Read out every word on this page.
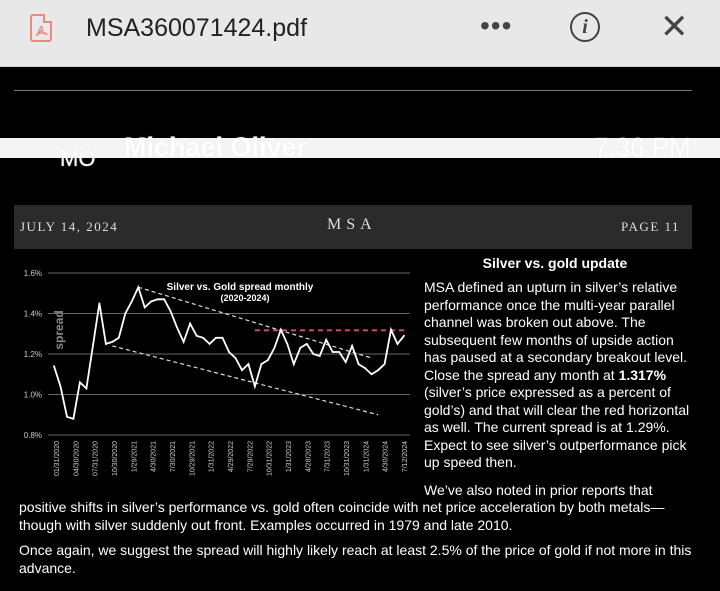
MSA360071424.pdf	•••	i	✕
MO Michael Oliver	7:36 PM
JULY 14, 2024	MSA	PAGE 11
1.6%
1.4%
1.2%
1.0%
0.8%
01/31/2020 04/30/2020 07/31/2020 10/30/2020 1/29/2021 4/30/2021 7/30/2021 10/29/2021 1/31/2022 4/29/2022 7/29/2022 10/31/2022 1/31/2023 4/28/2023 7/31/2023 10/31/2023 1/31/2024 4/30/2024 7/12/2024
Silver vs. Gold spread monthly
(2020-2024)
spread
Silver vs. gold update
MSA defined an upturn in silver’s relative performance once the multi-year parallel channel was broken out above. The subsequent few months of upside action has paused at a secondary breakout level. Close the spread any month at 1.317% (silver’s price expressed as a percent of gold’s) and that will clear the red horizontal as well. The current spread is at 1.29%. Expect to see silver’s outperformance pick up speed then.
We’ve also noted in prior reports that
positive shifts in silver’s performance vs. gold often coincide with net price acceleration by both metals—though with silver suddenly out front. Examples occurred in 1979 and late 2010.
Once again, we suggest the spread will highly likely reach at least 2.5% of the price of gold if not more in this advance.
